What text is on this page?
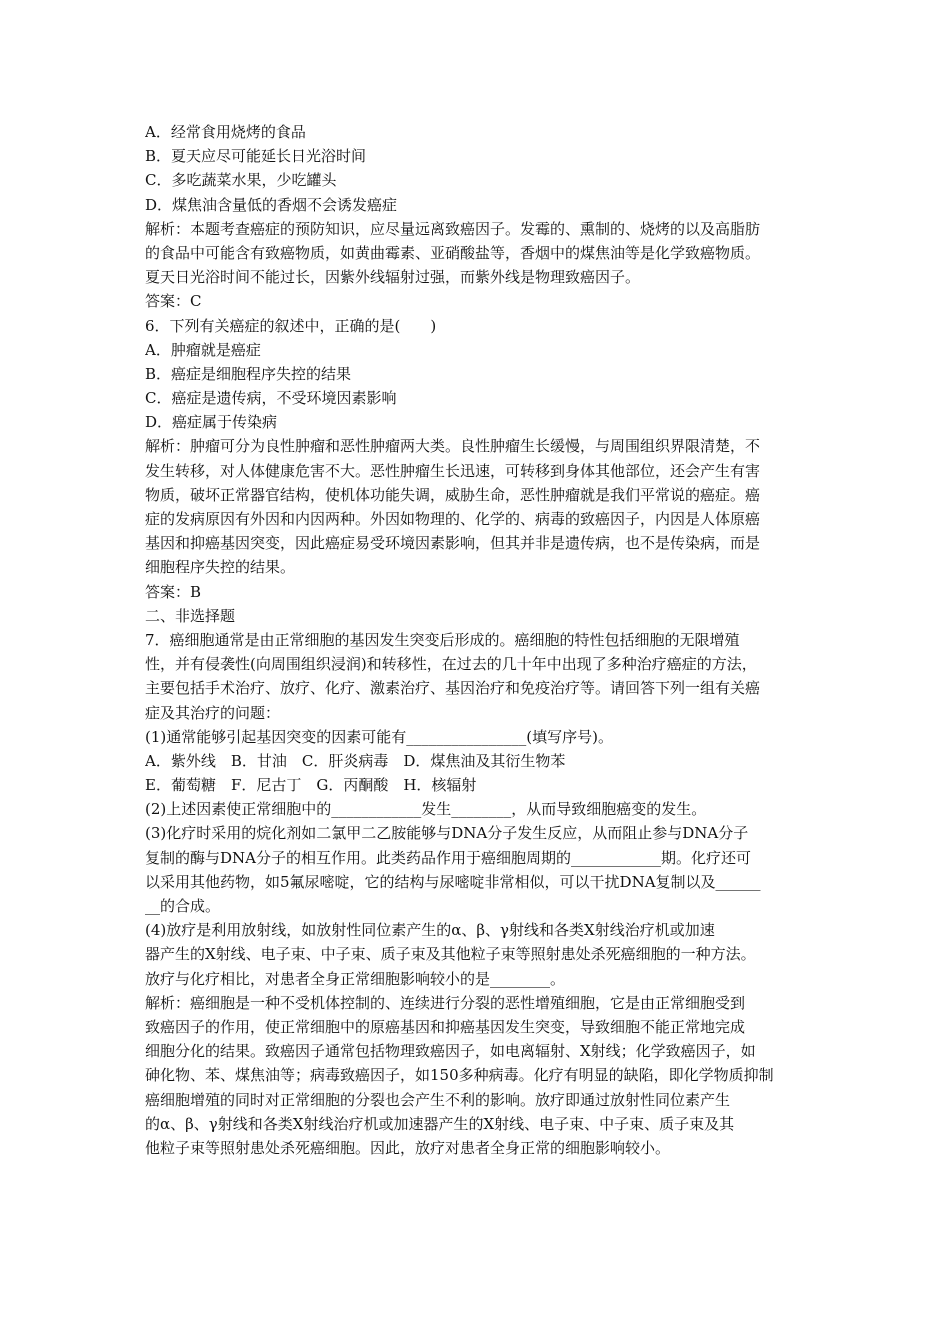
A．经常食用烧烤的食品
B．夏天应尽可能延长日光浴时间
C．多吃蔬菜水果，少吃罐头
D．煤焦油含量低的香烟不会诱发癌症
解析：本题考查癌症的预防知识，应尽量远离致癌因子。发霉的、熏制的、烧烤的以及高脂肪
的食品中可能含有致癌物质，如黄曲霉素、亚硝酸盐等，香烟中的煤焦油等是化学致癌物质。
夏天日光浴时间不能过长，因紫外线辐射过强，而紫外线是物理致癌因子。
答案：C
6．下列有关癌症的叙述中，正确的是(　　)
A．肿瘤就是癌症
B．癌症是细胞程序失控的结果
C．癌症是遗传病，不受环境因素影响
D．癌症属于传染病
解析：肿瘤可分为良性肿瘤和恶性肿瘤两大类。良性肿瘤生长缓慢，与周围组织界限清楚，不
发生转移，对人体健康危害不大。恶性肿瘤生长迅速，可转移到身体其他部位，还会产生有害
物质，破坏正常器官结构，使机体功能失调，威胁生命，恶性肿瘤就是我们平常说的癌症。癌
症的发病原因有外因和内因两种。外因如物理的、化学的、病毒的致癌因子，内因是人体原癌
基因和抑癌基因突变，因此癌症易受环境因素影响，但其并非是遗传病，也不是传染病，而是
细胞程序失控的结果。
答案：B
二、非选择题
7．癌细胞通常是由正常细胞的基因发生突变后形成的。癌细胞的特性包括细胞的无限增殖
性，并有侵袭性(向周围组织浸润)和转移性，在过去的几十年中出现了多种治疗癌症的方法，
主要包括手术治疗、放疗、化疗、激素治疗、基因治疗和免疫治疗等。请回答下列一组有关癌
症及其治疗的问题：
(1)通常能够引起基因突变的因素可能有________________(填写序号)。
A．紫外线　B．甘油　C．肝炎病毒　D．煤焦油及其衍生物苯
E．葡萄糖　F．尼古丁　G．丙酮酸　H．核辐射
(2)上述因素使正常细胞中的____________发生________，从而导致细胞癌变的发生。
(3)化疗时采用的烷化剂如二氯甲二乙胺能够与DNA分子发生反应，从而阻止参与DNA分子
复制的酶与DNA分子的相互作用。此类药品作用于癌细胞周期的____________期。化疗还可
以采用其他药物，如5氟尿嘧啶，它的结构与尿嘧啶非常相似，可以干扰DNA复制以及______
__的合成。
(4)放疗是利用放射线，如放射性同位素产生的α、β、γ射线和各类X射线治疗机或加速
器产生的X射线、电子束、中子束、质子束及其他粒子束等照射患处杀死癌细胞的一种方法。
放疗与化疗相比，对患者全身正常细胞影响较小的是________。
解析：癌细胞是一种不受机体控制的、连续进行分裂的恶性增殖细胞，它是由正常细胞受到
致癌因子的作用，使正常细胞中的原癌基因和抑癌基因发生突变，导致细胞不能正常地完成
细胞分化的结果。致癌因子通常包括物理致癌因子，如电离辐射、X射线；化学致癌因子，如
砷化物、苯、煤焦油等；病毒致癌因子，如150多种病毒。化疗有明显的缺陷，即化学物质抑制
癌细胞增殖的同时对正常细胞的分裂也会产生不利的影响。放疗即通过放射性同位素产生
的α、β、γ射线和各类X射线治疗机或加速器产生的X射线、电子束、中子束、质子束及其
他粒子束等照射患处杀死癌细胞。因此，放疗对患者全身正常的细胞影响较小。
